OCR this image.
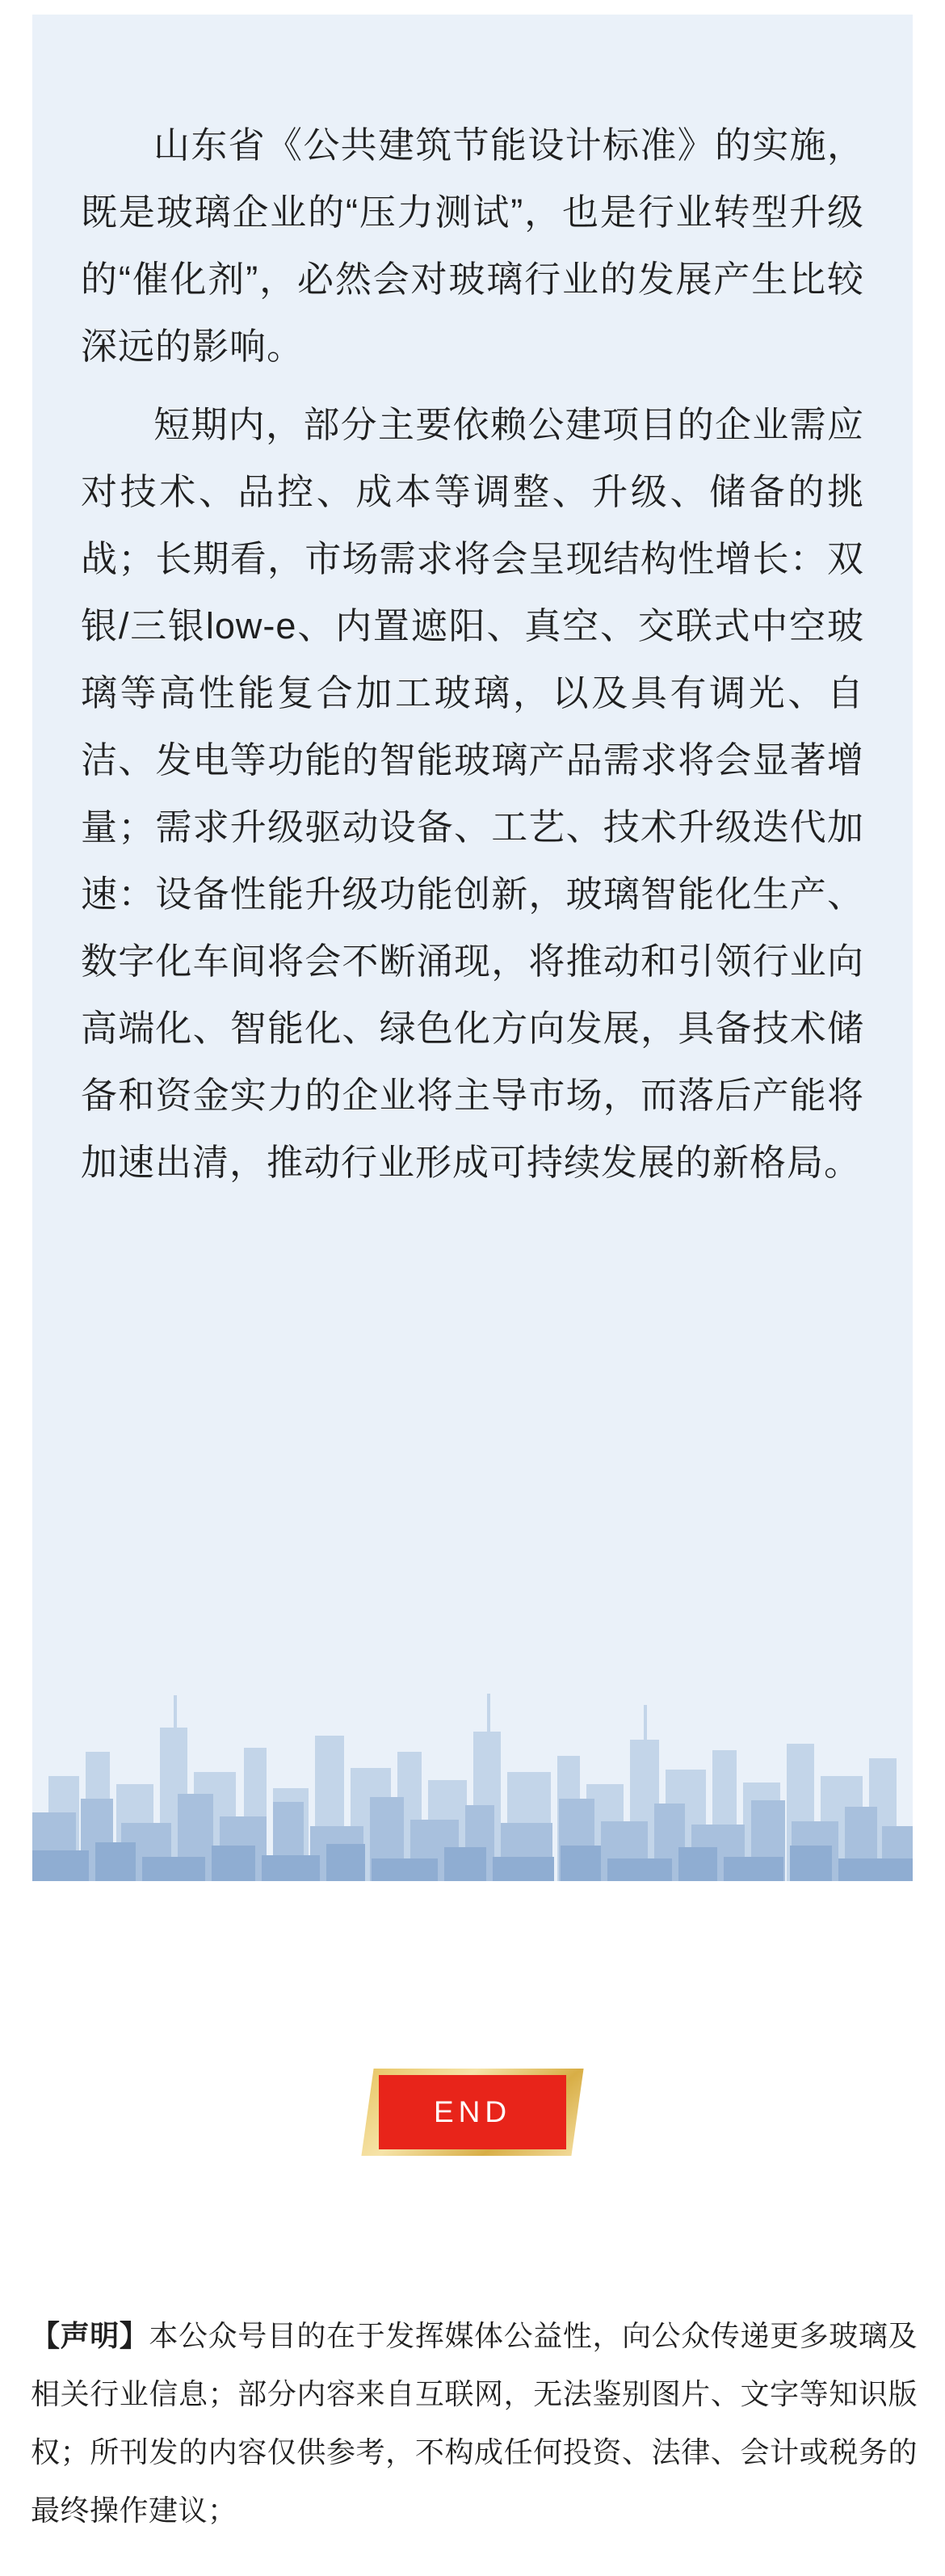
山东省《公共建筑节能设计标准》的实施，既是玻璃企业的“压力测试”，也是行业转型升级的“催化剂”，必然会对玻璃行业的发展产生比较深远的影响。

短期内，部分主要依赖公建项目的企业需应对技术、品控、成本等调整、升级、储备的挑战；长期看，市场需求将会呈现结构性增长：双银/三银low-e、内置遮阳、真空、交联式中空玻璃等高性能复合加工玻璃，以及具有调光、自洁、发电等功能的智能玻璃产品需求将会显著增量；需求升级驱动设备、工艺、技术升级迭代加速：设备性能升级功能创新，玻璃智能化生产、数字化车间将会不断涌现，将推动和引领行业向高端化、智能化、绿色化方向发展，具备技术储备和资金实力的企业将主导市场，而落后产能将加速出清，推动行业形成可持续发展的新格局。

END
【声明】本公众号目的在于发挥媒体公益性，向公众传递更多玻璃及相关行业信息；部分内容来自互联网，无法鉴别图片、文字等知识版权；所刊发的内容仅供参考，不构成任何投资、法律、会计或税务的最终操作建议；
